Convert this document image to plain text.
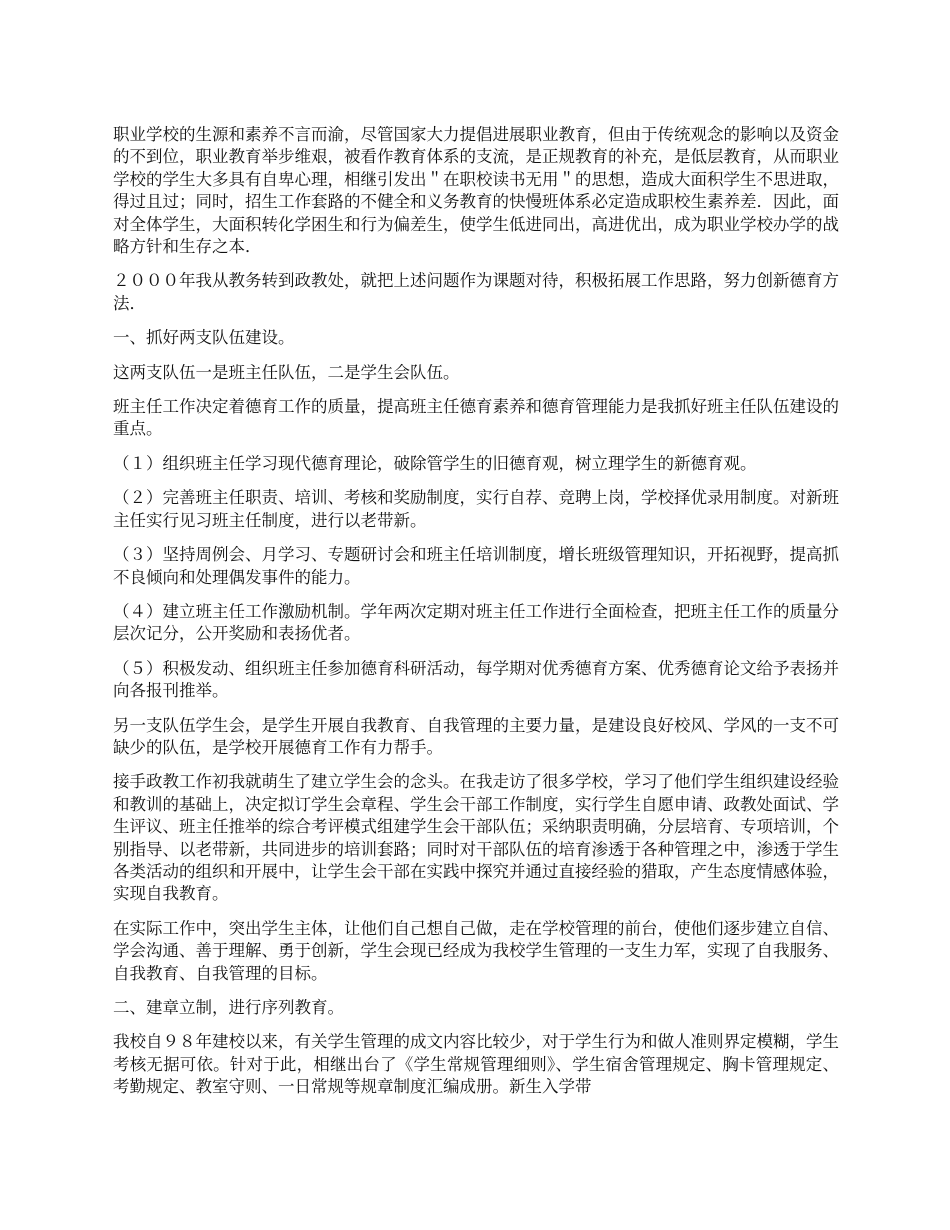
职业学校的生源和素养不言而渝，尽管国家大力提倡进展职业教育，但由于传统观念的影响以及资金的不到位，职业教育举步维艰，被看作教育体系的支流，是正规教育的补充，是低层教育，从而职业学校的学生大多具有自卑心理，相继引发出＂在职校读书无用＂的思想，造成大面积学生不思进取，得过且过；同时，招生工作套路的不健全和义务教育的快慢班体系必定造成职校生素养差．因此，面对全体学生，大面积转化学困生和行为偏差生，使学生低进同出，高进优出，成为职业学校办学的战略方针和生存之本．

２０００年我从教务转到政教处，就把上述问题作为课题对待，积极拓展工作思路，努力创新德育方法．

一、抓好两支队伍建设。

这两支队伍一是班主任队伍，二是学生会队伍。

班主任工作决定着德育工作的质量，提高班主任德育素养和德育管理能力是我抓好班主任队伍建设的重点。

（１）组织班主任学习现代德育理论，破除管学生的旧德育观，树立理学生的新德育观。

（２）完善班主任职责、培训、考核和奖励制度，实行自荐、竞聘上岗，学校择优录用制度。对新班主任实行见习班主任制度，进行以老带新。

（３）坚持周例会、月学习、专题研讨会和班主任培训制度，增长班级管理知识，开拓视野，提高抓不良倾向和处理偶发事件的能力。

（４）建立班主任工作激励机制。学年两次定期对班主任工作进行全面检查，把班主任工作的质量分层次记分，公开奖励和表扬优者。

（５）积极发动、组织班主任参加德育科研活动，每学期对优秀德育方案、优秀德育论文给予表扬并向各报刊推举。

另一支队伍学生会，是学生开展自我教育、自我管理的主要力量，是建设良好校风、学风的一支不可缺少的队伍，是学校开展德育工作有力帮手。

接手政教工作初我就萌生了建立学生会的念头。在我走访了很多学校，学习了他们学生组织建设经验和教训的基础上，决定拟订学生会章程、学生会干部工作制度，实行学生自愿申请、政教处面试、学生评议、班主任推举的综合考评模式组建学生会干部队伍；采纳职责明确，分层培育、专项培训，个别指导、以老带新，共同进步的培训套路；同时对干部队伍的培育渗透于各种管理之中，渗透于学生各类活动的组织和开展中，让学生会干部在实践中探究并通过直接经验的猎取，产生态度情感体验，实现自我教育。

在实际工作中，突出学生主体，让他们自己想自己做，走在学校管理的前台，使他们逐步建立自信、学会沟通、善于理解、勇于创新，学生会现已经成为我校学生管理的一支生力军，实现了自我服务、自我教育、自我管理的目标。

二、建章立制，进行序列教育。

我校自９８年建校以来，有关学生管理的成文内容比较少，对于学生行为和做人准则界定模糊，学生考核无据可依。针对于此，相继出台了《学生常规管理细则》、学生宿舍管理规定、胸卡管理规定、考勤规定、教室守则、一日常规等规章制度汇编成册。新生入学带
